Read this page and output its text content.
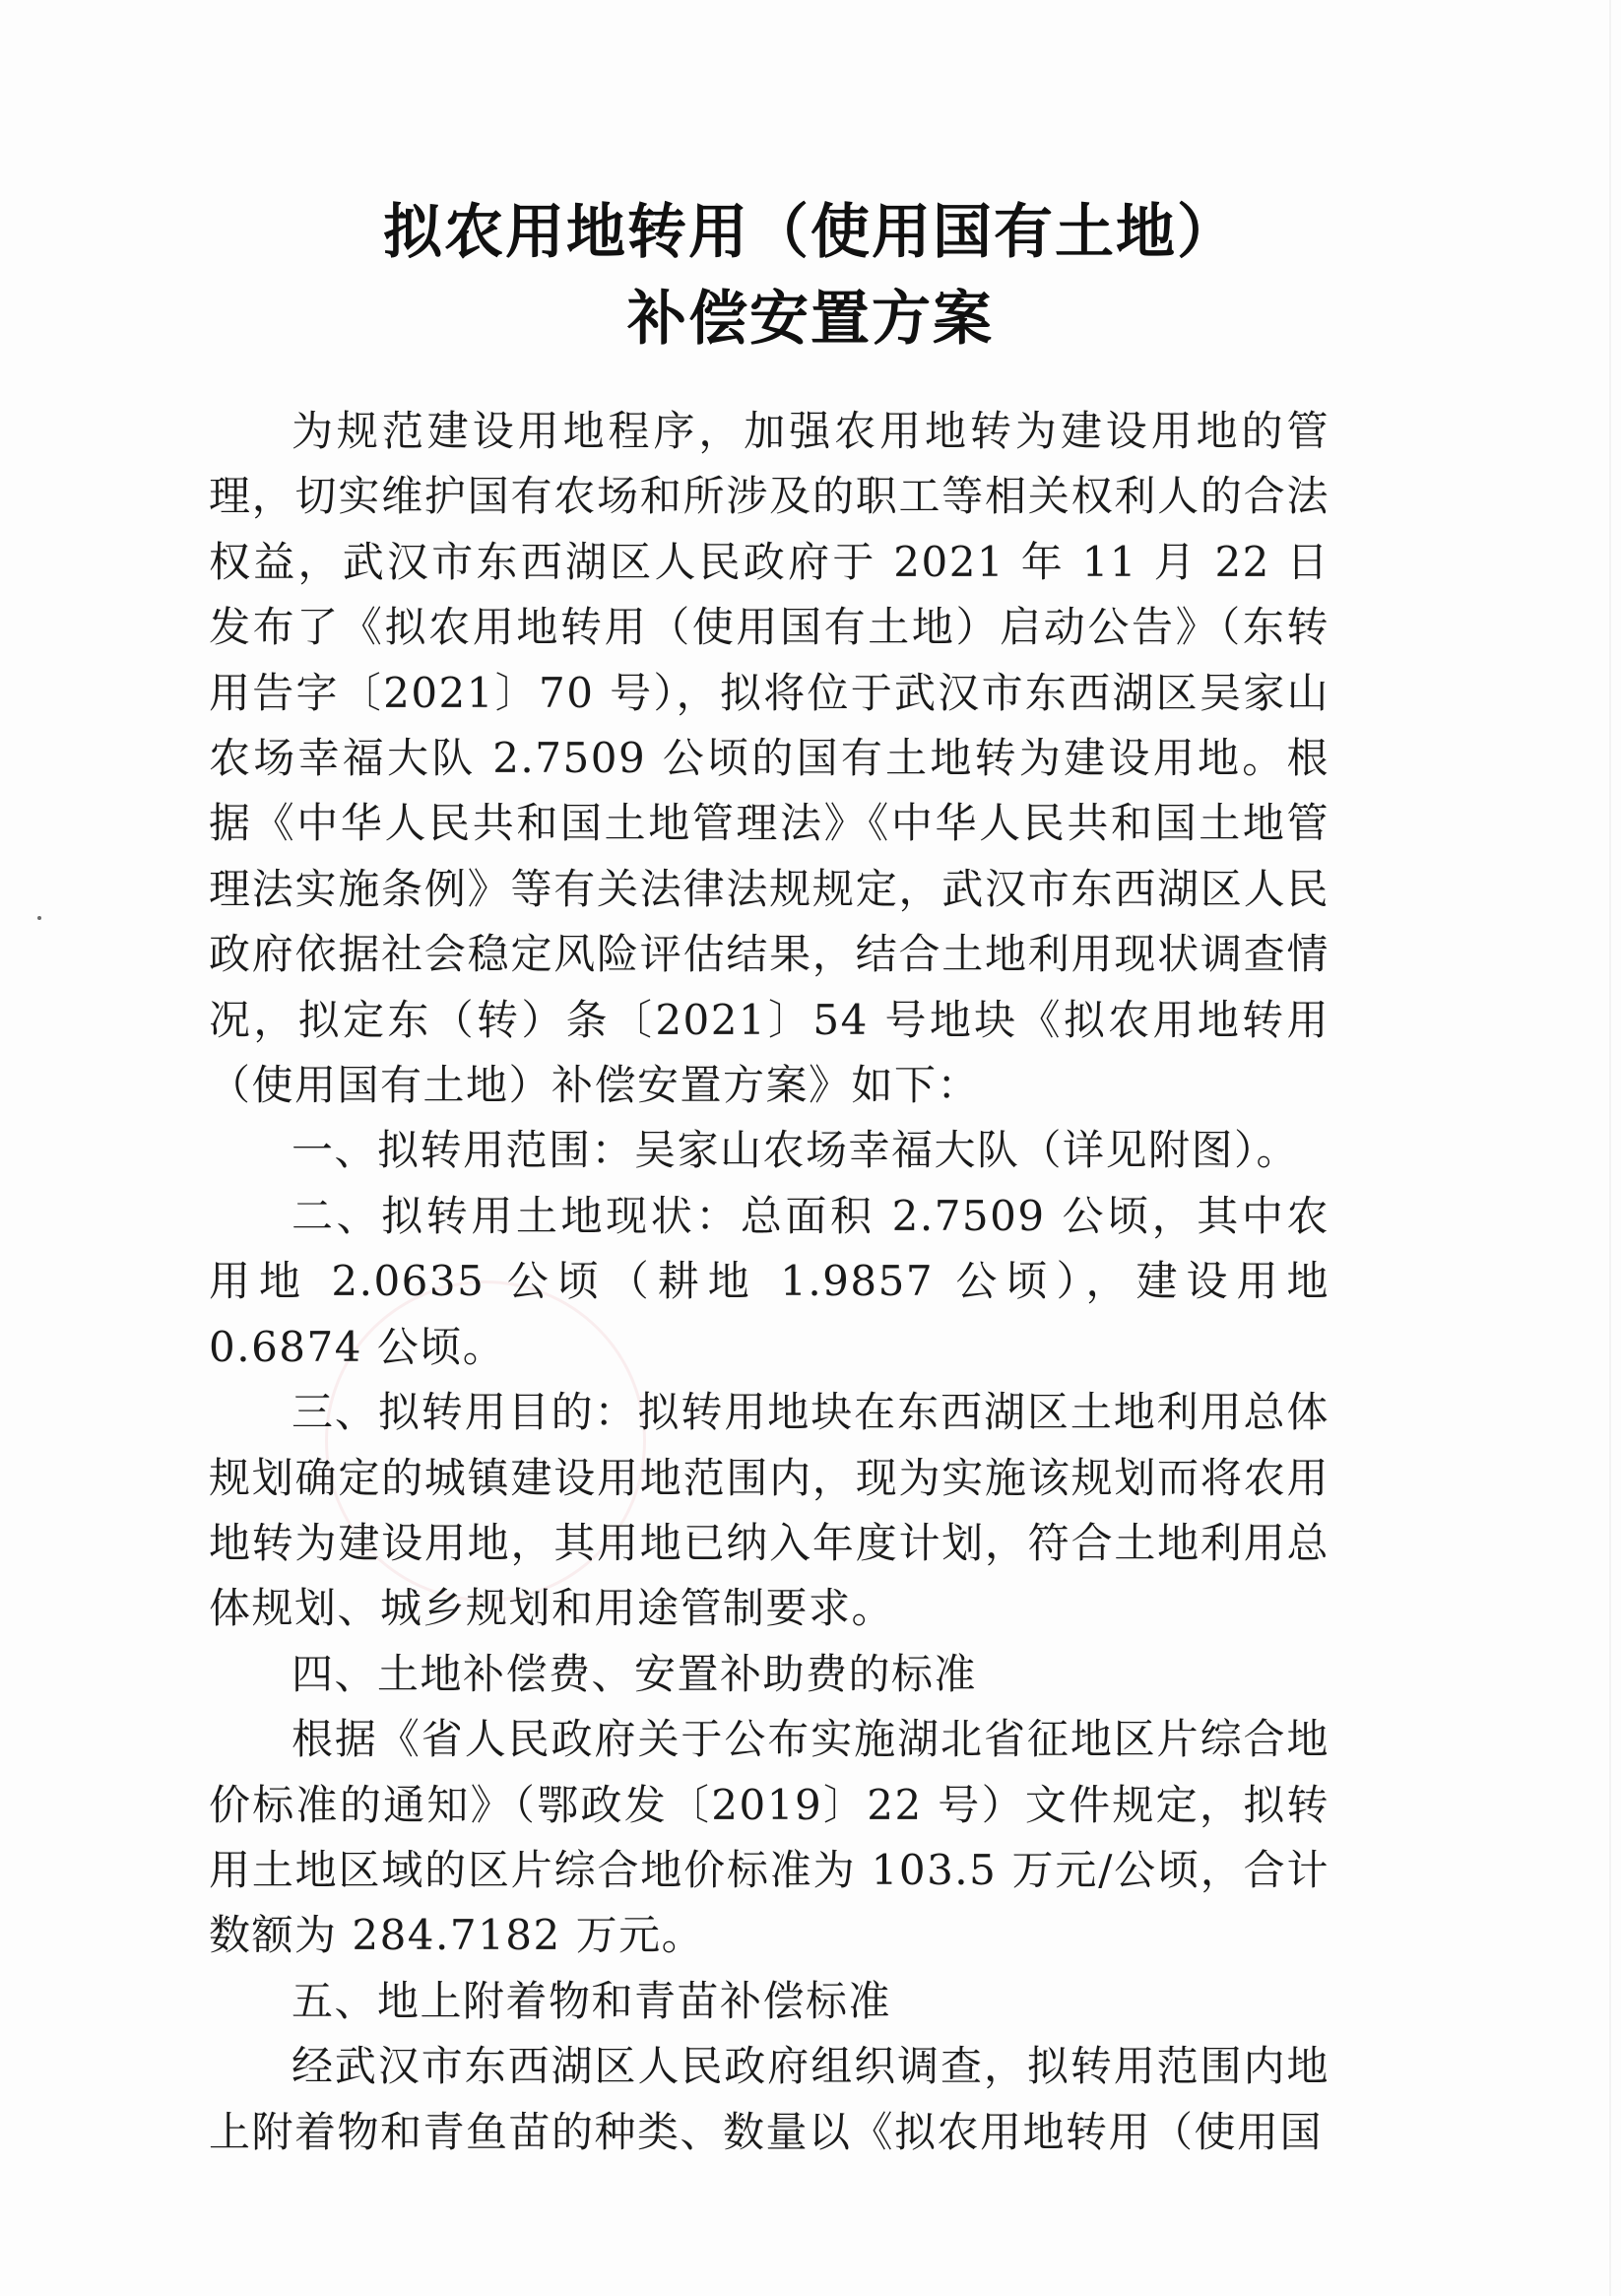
拟农用地转用（使用国有土地）
补偿安置方案

为规范建设用地程序，加强农用地转为建设用地的管理，切实维护国有农场和所涉及的职工等相关权利人的合法权益，武汉市东西湖区人民政府于 2021 年 11 月 22 日发布了《拟农用地转用（使用国有土地）启动公告》（东转用告字〔2021〕70 号），拟将位于武汉市东西湖区吴家山农场幸福大队 2.7509 公顷的国有土地转为建设用地。根据《中华人民共和国土地管理法》《中华人民共和国土地管理法实施条例》等有关法律法规规定，武汉市东西湖区人民政府依据社会稳定风险评估结果，结合土地利用现状调查情况，拟定东（转）条〔2021〕54 号地块《拟农用地转用（使用国有土地）补偿安置方案》如下：

一、拟转用范围：吴家山农场幸福大队（详见附图）。

二、拟转用土地现状：总面积 2.7509 公顷，其中农用地 2.0635 公顷（耕地 1.9857 公顷），建设用地 0.6874 公顷。

三、拟转用目的：拟转用地块在东西湖区土地利用总体规划确定的城镇建设用地范围内，现为实施该规划而将农用地转为建设用地，其用地已纳入年度计划，符合土地利用总体规划、城乡规划和用途管制要求。

四、土地补偿费、安置补助费的标准

根据《省人民政府关于公布实施湖北省征地区片综合地价标准的通知》（鄂政发〔2019〕22 号）文件规定，拟转用土地区域的区片综合地价标准为 103.5 万元/公顷，合计数额为 284.7182 万元。

五、地上附着物和青苗补偿标准

经武汉市东西湖区人民政府组织调查，拟转用范围内地上附着物和青鱼苗的种类、数量以《拟农用地转用（使用国
